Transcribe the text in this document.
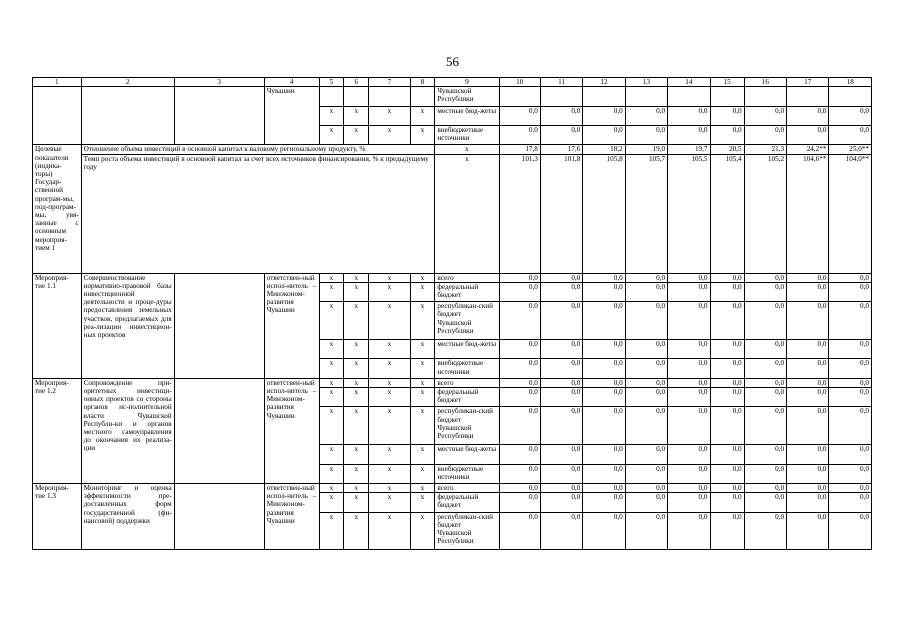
56
1	2	3	4	5	6	7	8	9	10	11	12	13	14	15	16	17	18
			Чувашии					Чувашской Республики									
				х	х	х	х	местные бюд-жеты	0,0	0,0	0,0	0,0	0,0	0,0	0,0	0,0	0,0
				х	х	х	х	внебюджетные источники	0,0	0,0	0,0	0,0	0,0	0,0	0,0	0,0	0,0
Целевые показатели (индика-торы) Государ-ственной програм-мы, под-програм-мы, увя-занные с основным мероприя-тием 1	Отношение объема инвестиций в основной капитал к валовому региональному продукту, %							х	17,8	17,6	18,2	19,0	19,7	20,5	21,3	24,2**	25,0**
	Темп роста объема инвестиций в основной капитал за счет всех источников финансирования, % к предыдущему году							х	101,3	101,8	105,8	105,7	105,5	105,4	105,2	104,6**	104,0**
Мероприя-тие 1.1	Совершенствование нормативно-правовой базы инвестиционной деятельности и проце-дуры предоставления земельных участков, предлагаемых для реа-лизации инвестицион-ных проектов		ответствен-ный испол-нитель – Минэконом-развития Чувашии	х	х	х	х	всего	0,0	0,0	0,0	0,0	0,0	0,0	0,0	0,0	0,0
				х	х	х	х	федеральный бюджет	0,0	0,0	0,0	0,0	0,0	0,0	0,0	0,0	0,0
				х	х	х	х	республикан-ский бюджет Чувашской Республики	0,0	0,0	0,0	0,0	0,0	0,0	0,0	0,0	0,0
				х	х	х	х	местные бюд-жеты	0,0	0,0	0,0	0,0	0,0	0,0	0,0	0,0	0,0
				х	х	х	х	внебюджетные источники	0,0	0,0	0,0	0,0	0,0	0,0	0,0	0,0	0,0
Мероприя-тие 1.2	Сопровождение при-оритетных инвестици-онных проектов со стороны органов ис-полнительной власти Чувашской Республи-ки и органов местного самоуправления до окончания их реализа-ции		ответствен-ный испол-нитель – Минэконом-развития Чувашии	х	х	х	х	всего	0,0	0,0	0,0	0,0	0,0	0,0	0,0	0,0	0,0
				х	х	х	х	федеральный бюджет	0,0	0,0	0,0	0,0	0,0	0,0	0,0	0,0	0,0
				х	х	х	х	республикан-ский бюджет Чувашской Республики	0,0	0,0	0,0	0,0	0,0	0,0	0,0	0,0	0,0
				х	х	х	х	местные бюд-жеты	0,0	0,0	0,0	0,0	0,0	0,0	0,0	0,0	0,0
				х	х	х	х	внебюджетные источники	0,0	0,0	0,0	0,0	0,0	0,0	0,0	0,0	0,0
Мероприя-тие 1.3	Мониторинг и оценка эффективности пре-доставленных форм государственной (фи-нансовой) поддержки		ответствен-ный испол-нитель – Минэконом-развития Чувашии	х	х	х	х	всего	0,0	0,0	0,0	0,0	0,0	0,0	0,0	0,0	0,0
				х	х	х	х	федеральный бюджет	0,0	0,0	0,0	0,0	0,0	0,0	0,0	0,0	0,0
				х	х	х	х	республикан-ский бюджет Чувашской Республики	0,0	0,0	0,0	0,0	0,0	0,0	0,0	0,0	0,0
